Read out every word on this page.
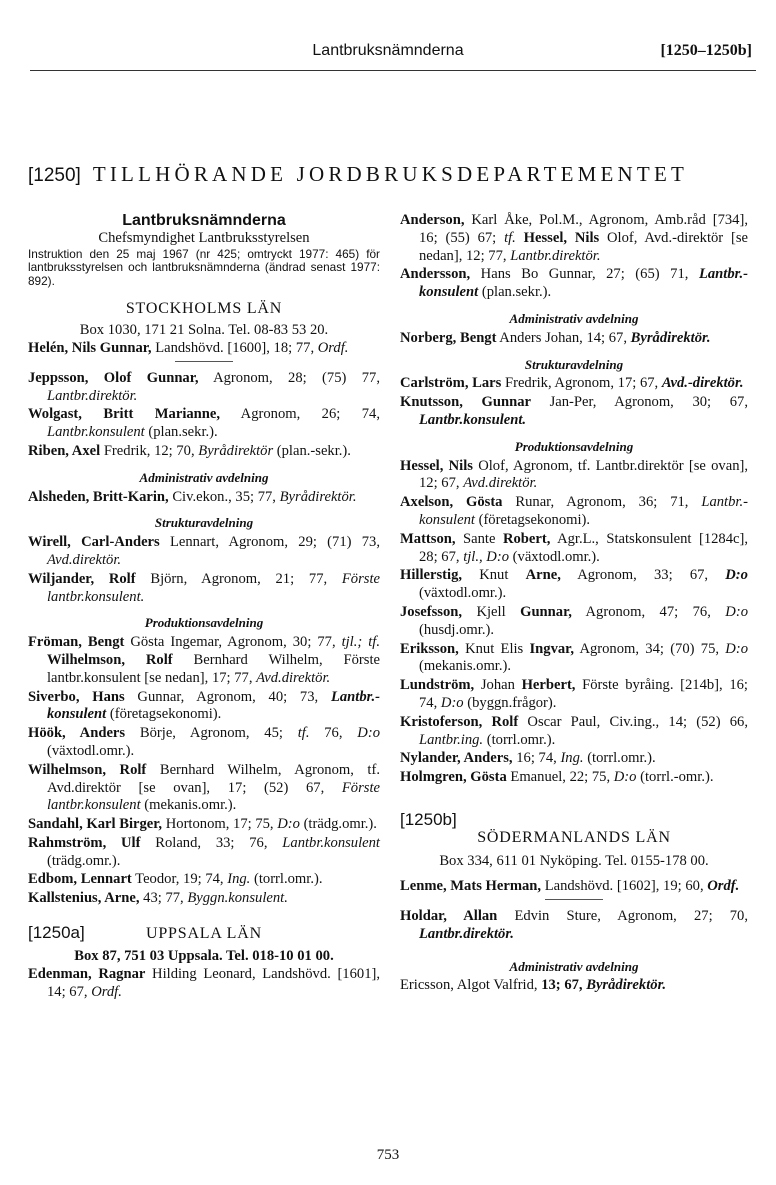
Lantbruksnämnderna	[1250–1250b]
[1250] TILLHÖRANDE JORDBRUKSDEPARTEMENTET
Lantbruksnämnderna
Chefsmyndighet Lantbruksstyrelsen
Instruktion den 25 maj 1967 (nr 425; omtryckt 1977: 465) för lantbruksstyrelsen och lantbruksnämnderna (ändrad senast 1977: 892).
STOCKHOLMS LÄN
Box 1030, 171 21 Solna. Tel. 08-83 53 20.
Helén, Nils Gunnar, Landshövd. [1600], 18; 77, Ordf.
Jeppsson, Olof Gunnar, Agronom, 28; (75) 77, Lantbr.direktör.
Wolgast, Britt Marianne, Agronom, 26; 74, Lantbr.konsulent (plan.sekr.).
Riben, Axel Fredrik, 12; 70, Byrådirektör (plan.-sekr.).
Administrativ avdelning
Alsheden, Britt-Karin, Civ.ekon., 35; 77, Byrådirektör.
Strukturavdelning
Wirell, Carl-Anders Lennart, Agronom, 29; (71) 73, Avd.direktör.
Wiljander, Rolf Björn, Agronom, 21; 77, Förste lantbr.konsulent.
Produktionsavdelning
Fröman, Bengt Gösta Ingemar, Agronom, 30; 77, tjl.; tf. Wilhelmson, Rolf Bernhard Wilhelm, Förste lantbr.konsulent [se nedan], 17; 77, Avd.direktör.
Siverbo, Hans Gunnar, Agronom, 40; 73, Lantbr.-konsulent (företagsekonomi).
Höök, Anders Börje, Agronom, 45; tf. 76, D:o (växtodl.omr.).
Wilhelmson, Rolf Bernhard Wilhelm, Agronom, tf. Avd.direktör [se ovan], 17; (52) 67, Förste lantbr.konsulent (mekanis.omr.).
Sandahl, Karl Birger, Hortonom, 17; 75, D:o (trädg.omr.).
Rahmström, Ulf Roland, 33; 76, Lantbr.konsulent (trädg.omr.).
Edbom, Lennart Teodor, 19; 74, Ing. (torrl.omr.).
Kallstenius, Arne, 43; 77, Byggn.konsulent.
[1250a]	UPPSALA LÄN
Box 87, 751 03 Uppsala. Tel. 018-10 01 00.
Edenman, Ragnar Hilding Leonard, Landshövd. [1601], 14; 67, Ordf.
Anderson, Karl Åke, Pol.M., Agronom, Amb.råd [734], 16; (55) 67; tf. Hessel, Nils Olof, Avd.-direktör [se nedan], 12; 77, Lantbr.direktör.
Andersson, Hans Bo Gunnar, 27; (65) 71, Lantbr.-konsulent (plan.sekr.).
Administrativ avdelning
Norberg, Bengt Anders Johan, 14; 67, Byrådirektör.
Strukturavdelning
Carlström, Lars Fredrik, Agronom, 17; 67, Avd.-direktör.
Knutsson, Gunnar Jan-Per, Agronom, 30; 67, Lantbr.konsulent.
Produktionsavdelning
Hessel, Nils Olof, Agronom, tf. Lantbr.direktör [se ovan], 12; 67, Avd.direktör.
Axelson, Gösta Runar, Agronom, 36; 71, Lantbr.-konsulent (företagsekonomi).
Mattson, Sante Robert, Agr.L., Statskonsulent [1284c], 28; 67, tjl., D:o (växtodl.omr.).
Hillerstig, Knut Arne, Agronom, 33; 67, D:o (växtodl.omr.).
Josefsson, Kjell Gunnar, Agronom, 47; 76, D:o (husdj.omr.).
Eriksson, Knut Elis Ingvar, Agronom, 34; (70) 75, D:o (mekanis.omr.).
Lundström, Johan Herbert, Förste byråing. [214b], 16; 74, D:o (byggn.frågor).
Kristoferson, Rolf Oscar Paul, Civ.ing., 14; (52) 66, Lantbr.ing. (torrl.omr.).
Nylander, Anders, 16; 74, Ing. (torrl.omr.).
Holmgren, Gösta Emanuel, 22; 75, D:o (torrl.-omr.).
[1250b]
SÖDERMANLANDS LÄN
Box 334, 611 01 Nyköping. Tel. 0155-178 00.
Lenme, Mats Herman, Landshövd. [1602], 19; 60, Ordf.
Holdar, Allan Edvin Sture, Agronom, 27; 70, Lantbr.direktör.
Administrativ avdelning
Ericsson, Algot Valfrid, 13; 67, Byrådirektör.
753
